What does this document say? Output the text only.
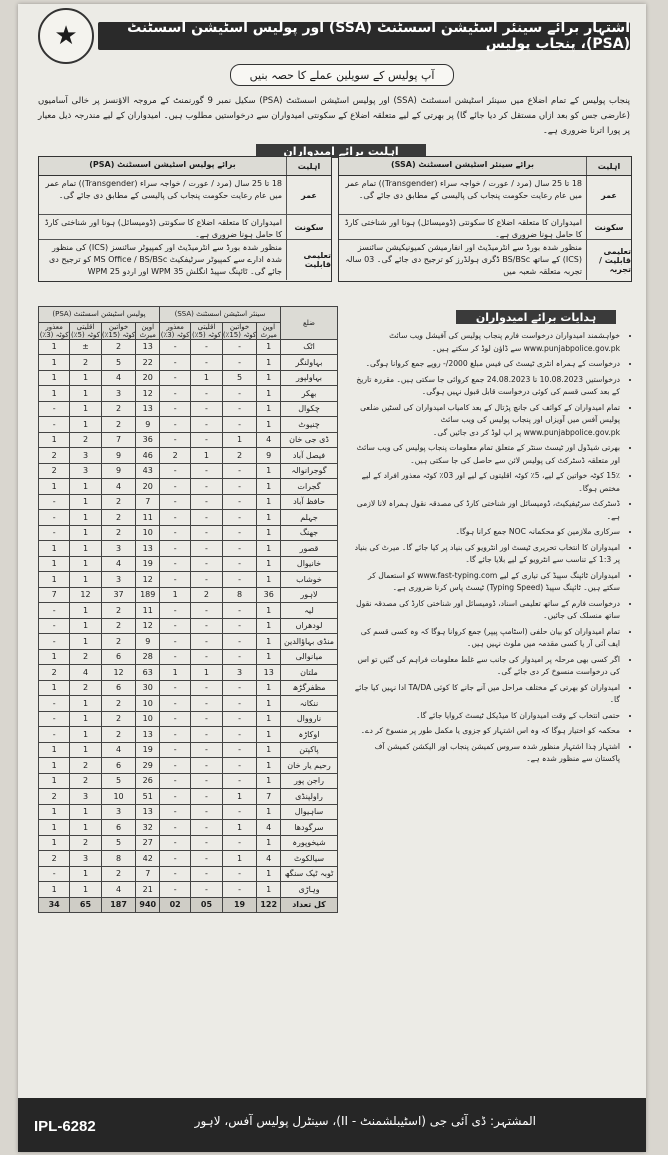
★	اشتہار برائے سینئر اسٹیشن اسسٹنٹ (SSA) اور پولیس اسٹیشن اسسٹنٹ (PSA)، پنجاب پولیس
آپ پولیس کے سویلین عملے کا حصہ بنیں
پنجاب پولیس کے تمام اضلاع میں سینئر اسٹیشن اسسٹنٹ (SSA) اور پولیس اسٹیشن اسسٹنٹ (PSA) سکیل نمبر 9 گورنمنٹ کے مروجہ الاؤنسز پر خالی آسامیوں (عارضی جس کو بعد ازاں مستقل کر دیا جائے گا) پر بھرتی کے لیے متعلقہ اضلاع کے سکونتی امیدواران سے درخواستیں مطلوب ہیں۔ امیدواران کے لیے مندرجہ ذیل معیار پر پورا اترنا ضروری ہے۔
اہلیت برائے امیدواران
اہلیت
برائے پولیس اسٹیشن اسسٹنٹ (PSA)
عمر
18 تا 25 سال (مرد / عورت / خواجہ سراء (Transgender)) تمام عمر میں عام رعایت حکومت پنجاب کی پالیسی کے مطابق دی جائے گی۔
سکونت
امیدواران کا متعلقہ اضلاع کا سکونتی (ڈومیسائل) ہونا اور شناختی کارڈ کا حامل ہونا ضروری ہے۔
تعلیمی قابلیت
منظور شدہ بورڈ سے انٹرمیڈیٹ اور کمپیوٹر سائنسز (ICS) کی منظور شدہ ادارے سے کمپیوٹر سرٹیفکیٹ MS Office / BS/BSc کو ترجیح دی جائے گی۔ ٹائپنگ سپیڈ انگلش 35 WPM اور اردو 25 WPM
اہلیت
برائے سینئر اسٹیشن اسسٹنٹ (SSA)
عمر
18 تا 25 سال (مرد / عورت / خواجہ سراء (Transgender)) تمام عمر میں عام رعایت حکومت پنجاب کی پالیسی کے مطابق دی جائے گی۔
سکونت
امیدواران کا متعلقہ اضلاع کا سکونتی (ڈومیسائل) ہونا اور شناختی کارڈ کا حامل ہونا ضروری ہے۔
تعلیمی قابلیت / تجربہ
منظور شدہ بورڈ سے انٹرمیڈیٹ اور انفارمیشن کمیونیکیشن سائنسز (ICS) کے ساتھ BS/BSc ڈگری ہولڈرز کو ترجیح دی جائے گی۔ 03 سالہ تجربہ متعلقہ شعبہ میں
ضلع	سینئر اسٹیشن اسسٹنٹ (SSA)				پولیس اسٹیشن اسسٹنٹ (PSA)			
	اوپن میرٹ	خواتین کوٹہ (15٪)	اقلیتی کوٹہ (5٪)	معذور کوٹہ (3٪)	اوپن میرٹ	خواتین کوٹہ (15٪)	اقلیتی کوٹہ (5٪)	معذور کوٹہ (3٪)
اٹک	1	-	-	-	13	2	±	1
بہاولنگر	1	-	-	-	22	5	2	1
بہاولپور	1	5	1	-	20	4	1	1
بھکر	1	-	-	-	12	3	1	1
چکوال	1	-	-	-	13	2	1	-
چنیوٹ	1	-	-	-	9	2	1	-
ڈی جی خان	4	1	-	-	36	7	2	1
فیصل آباد	9	2	1	2	46	9	3	2
گوجرانوالہ	1	-	-	-	43	9	3	2
گجرات	1	-	-	-	20	4	1	1
حافظ آباد	1	-	-	-	7	2	1	-
جہلم	1	-	-	-	11	2	1	-
جھنگ	1	-	-	-	10	2	1	-
قصور	1	-	-	-	13	3	1	1
خانیوال	1	-	-	-	19	4	1	1
خوشاب	1	-	-	-	12	3	1	1
لاہور	36	8	2	1	189	37	12	7
لیہ	1	-	-	-	11	2	1	-
لودھراں	1	-	-	-	12	2	1	-
منڈی بہاؤالدین	1	-	-	-	9	2	1	-
میانوالی	1	-	-	-	28	6	2	1
ملتان	13	3	1	1	63	12	4	2
مظفرگڑھ	1	-	-	-	30	6	2	1
ننکانہ	1	-	-	-	10	2	1	-
نارووال	1	-	-	-	10	2	1	-
اوکاڑہ	1	-	-	-	13	2	1	-
پاکپتن	1	-	-	-	19	4	1	1
رحیم یار خان	1	-	-	-	29	6	2	1
راجن پور	1	-	-	-	26	5	2	1
راولپنڈی	7	1	-	-	51	10	3	2
ساہیوال	1	-	-	-	13	3	1	1
سرگودھا	4	1	-	-	32	6	1	1
شیخوپورہ	1	-	-	-	27	5	2	1
سیالکوٹ	4	1	-	-	42	8	3	2
ٹوبہ ٹیک سنگھ	1	-	-	-	7	2	1	-
وہاڑی	1	-	-	-	21	4	1	1
کل تعداد	122	19	05	02	940	187	65	34
ہدایات برائے امیدواران
• خواہشمند امیدواران درخواست فارم پنجاب پولیس کی آفیشل ویب سائٹ www.punjabpolice.gov.pk سے ڈاؤن لوڈ کر سکتے ہیں۔
• درخواست کے ہمراہ انٹری ٹیسٹ کی فیس مبلغ 2000/- روپے جمع کروانا ہوگی۔
• درخواستیں 10.08.2023 تا 24.08.2023 جمع کروائی جا سکتی ہیں۔ مقررہ تاریخ کے بعد کسی قسم کی کوئی درخواست قابل قبول نہیں ہوگی۔
• تمام امیدواران کے کوائف کی جانچ پڑتال کے بعد کامیاب امیدواران کی لسٹیں ضلعی پولیس آفس میں آویزاں اور پنجاب پولیس کی ویب سائٹ www.punjabpolice.gov.pk پر اپ لوڈ کر دی جائیں گی۔
• بھرتی شیڈول اور ٹیسٹ سنٹر کے متعلق تمام معلومات پنجاب پولیس کی ویب سائٹ اور متعلقہ ڈسٹرکٹ کی پولیس لائن سے حاصل کی جا سکتی ہیں۔
• 15٪ کوٹہ خواتین کے لیے، 5٪ کوٹہ اقلیتوں کے لیے اور 03٪ کوٹہ معذور افراد کے لیے مختص ہوگا۔
• ڈسٹرکٹ سرٹیفیکیٹ، ڈومیسائل اور شناختی کارڈ کی مصدقہ نقول ہمراہ لانا لازمی ہے۔
• سرکاری ملازمین کو محکمانہ NOC جمع کرانا ہوگا۔
• امیدواران کا انتخاب تحریری ٹیسٹ اور انٹرویو کی بنیاد پر کیا جائے گا۔ میرٹ کی بنیاد پر 1:3 کے تناسب سے انٹرویو کے لیے بلایا جائے گا۔
• امیدواران ٹائپنگ سپیڈ کی تیاری کے لیے www.fast-typing.com کو استعمال کر سکتے ہیں۔ ٹائپنگ سپیڈ (Typing Speed) ٹیسٹ پاس کرنا ضروری ہے۔
• درخواست فارم کے ساتھ تعلیمی اسناد، ڈومیسائل اور شناختی کارڈ کی مصدقہ نقول ساتھ منسلک کی جائیں۔
• تمام امیدواران کو بیان حلفی (اسٹامپ پیپر) جمع کروانا ہوگا کہ وہ کسی قسم کی ایف آئی آر یا کسی مقدمہ میں ملوث نہیں ہیں۔
• اگر کسی بھی مرحلہ پر امیدوار کی جانب سے غلط معلومات فراہم کی گئیں تو اس کی درخواست منسوخ کر دی جائے گی۔
• امیدواران کو بھرتی کے مختلف مراحل میں آنے جانے کا کوئی TA/DA ادا نہیں کیا جائے گا۔
• حتمی انتخاب کے وقت امیدواران کا میڈیکل ٹیسٹ کروایا جائے گا۔
• محکمہ کو اختیار ہوگا کہ وہ اس اشتہار کو جزوی یا مکمل طور پر منسوخ کر دے۔
• اشتہار ہٰذا اشتہار منظور شدہ سروس کمیشن پنجاب اور الیکشن کمیشن آف پاکستان سے منظور شدہ ہے۔
IPL-6282	المشتہر: ڈی آئی جی (اسٹیبلشمنٹ - II)، سینٹرل پولیس آفس، لاہور
